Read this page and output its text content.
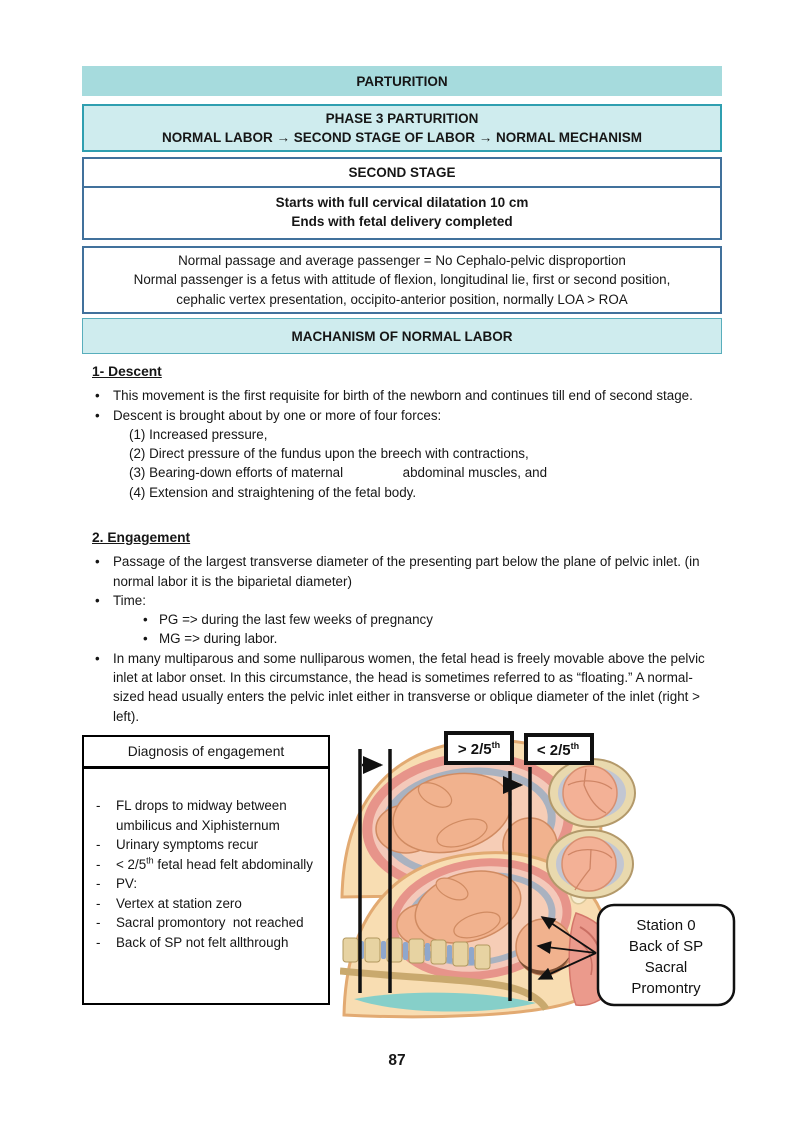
PARTURITION
PHASE 3 PARTURITION
NORMAL LABOR → SECOND STAGE OF LABOR → NORMAL MECHANISM
SECOND STAGE
Starts with full cervical dilatation 10 cm
Ends with fetal delivery completed
Normal passage and average passenger = No Cephalo-pelvic disproportion
Normal passenger is a fetus with attitude of flexion, longitudinal lie, first or second position,
cephalic vertex presentation, occipito-anterior position, normally LOA > ROA
MACHANISM OF NORMAL LABOR
1- Descent
• This movement is the first requisite for birth of the newborn and continues till end of second stage.
• Descent is brought about by one or more of four forces:
(1) Increased pressure,
(2) Direct pressure of the fundus upon the breech with contractions,
(3) Bearing-down efforts of maternal                abdominal muscles, and
(4) Extension and straightening of the fetal body.
2. Engagement
• Passage of the largest transverse diameter of the presenting part below the plane of pelvic inlet. (in normal labor it is the biparietal diameter)
• Time:
• PG => during the last few weeks of pregnancy
• MG => during labor.
• In many multiparous and some nulliparous women, the fetal head is freely movable above the pelvic inlet at labor onset. In this circumstance, the head is sometimes referred to as “floating.” A normal-sized head usually enters the pelvic inlet either in transverse or oblique diameter of the inlet (right > left).
Diagnosis of engagement
-	FL drops to midway between umbilicus and Xiphisternum
-	Urinary symptoms recur
-	< 2/5th fetal head felt abdominally
-	PV:
-	Vertex at station zero
-	Sacral promontory  not reached
-	Back of SP not felt allthrough
> 2/5th < 2/5th
Station 0
Back of SP
Sacral
Promontry
87
